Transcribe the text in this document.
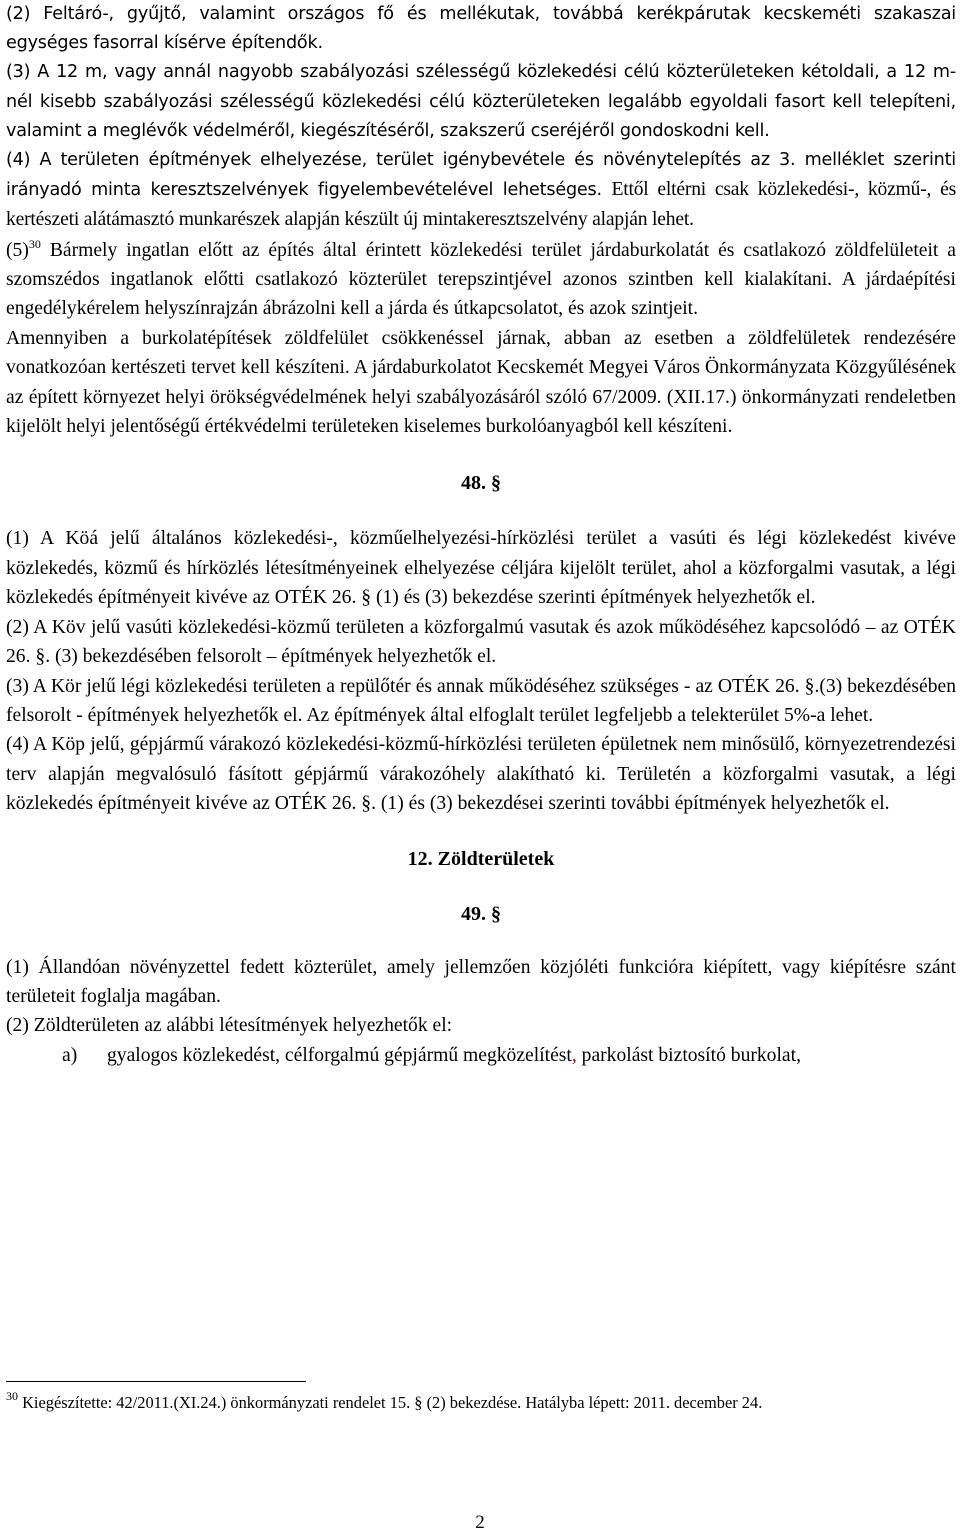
(2) Feltáró-, gyűjtő, valamint országos fő és mellékutak, továbbá kerékpárutak kecskeméti szakaszai egységes fasorral kísérve építendők.

(3) A 12 m, vagy annál nagyobb szabályozási szélességű közlekedési célú közterületeken kétoldali, a 12 m-nél kisebb szabályozási szélességű közlekedési célú közterületeken legalább egyoldali fasort kell telepíteni, valamint a meglévők védelméről, kiegészítéséről, szakszerű cseréjéről gondoskodni kell.

(4) A területen építmények elhelyezése, terület igénybevétele és növénytelepítés az 3. melléklet szerinti irányadó minta keresztszelvények figyelembevételével lehetséges. Ettől eltérni csak közlekedési-, közmű-, és kertészeti alátámasztó munkarészek alapján készült új mintakeresztszelvény alapján lehet.

$(5)^{30}$ Bármely ingatlan előtt az építés által érintett közlekedési terület járdaburkolatát és csatlakozó zöldfelületeit a szomszédos ingatlanok előtti csatlakozó közterület terepszintjével azonos szintben kell kialakítani. A járdaépítési engedélykérelem helyszínrajzán ábrázolni kell a járda és útkapcsolatot, és azok szintjeit.

Amennyiben a burkolatépítések zöldfelület csökkenéssel járnak, abban az esetben a zöldfelületek rendezésére vonatkozóan kertészeti tervet kell készíteni. A járdaburkolatot Kecskemét Megyei Város Önkormányzata Közgyűlésének az épített környezet helyi örökségvédelmének helyi szabályozásáról szóló 67/2009. (XII.17.) önkormányzati rendeletben kijelölt helyi jelentőségű értékvédelmi területeken kiselemes burkolóanyagból kell készíteni.

48. §

(1) A Köá jelű általános közlekedési-, közműelhelyezési-hírközlési terület a vasúti és légi közlekedést kivéve közlekedés, közmű és hírközlés létesítményeinek elhelyezése céljára kijelölt terület, ahol a közforgalmi vasutak, a légi közlekedés építményeit kivéve az OTÉK 26. § (1) és (3) bekezdése szerinti építmények helyezhetők el.

(2) A Köv jelű vasúti közlekedési-közmű területen a közforgalmú vasutak és azok működéséhez kapcsolódó – az OTÉK 26. §. (3) bekezdésében felsorolt – építmények helyezhetők el.

(3) A Kör jelű légi közlekedési területen a repülőtér és annak működéséhez szükséges - az OTÉK 26. §.(3) bekezdésében felsorolt - építmények helyezhetők el. Az építmények által elfoglalt terület legfeljebb a telekterület 5%-a lehet.

(4) A Köp jelű, gépjármű várakozó közlekedési-közmű-hírközlési területen épületnek nem minősülő, környezetrendezési terv alapján megvalósuló fásított gépjármű várakozóhely alakítható ki. Területén a közforgalmi vasutak, a légi közlekedés építményeit kivéve az OTÉK 26. §. (1) és (3) bekezdései szerinti további építmények helyezhetők el.

12. Zöldterületek
49. §

(1) Állandóan növényzettel fedett közterület, amely jellemzően közjóléti funkcióra kiépített, vagy kiépítésre szánt területeit foglalja magában.

(2) Zöldterületen az alábbi létesítmények helyezhetők el:

a) gyalogos közlekedést, célforgalmú gépjármű megközelítést, parkolást biztosító burkolat,

$^{30}$ Kiegészítette: 42/2011.(XI.24.) önkormányzati rendelet 15. § (2) bekezdése. Hatályba lépett: 2011. december 24.
2
